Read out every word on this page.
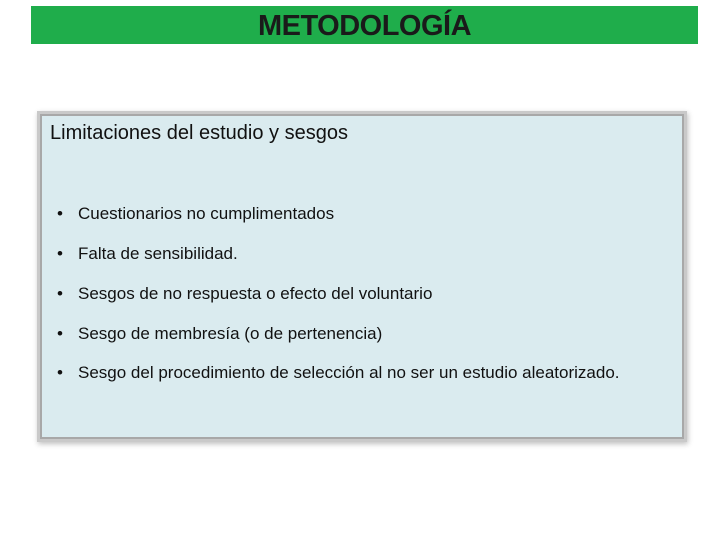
METODOLOGÍA
Limitaciones del estudio y sesgos
• Cuestionarios no cumplimentados
• Falta de sensibilidad.
• Sesgos de no respuesta o efecto del voluntario
• Sesgo de membresía (o de pertenencia)
• Sesgo del procedimiento de selección al no ser un estudio aleatorizado.
